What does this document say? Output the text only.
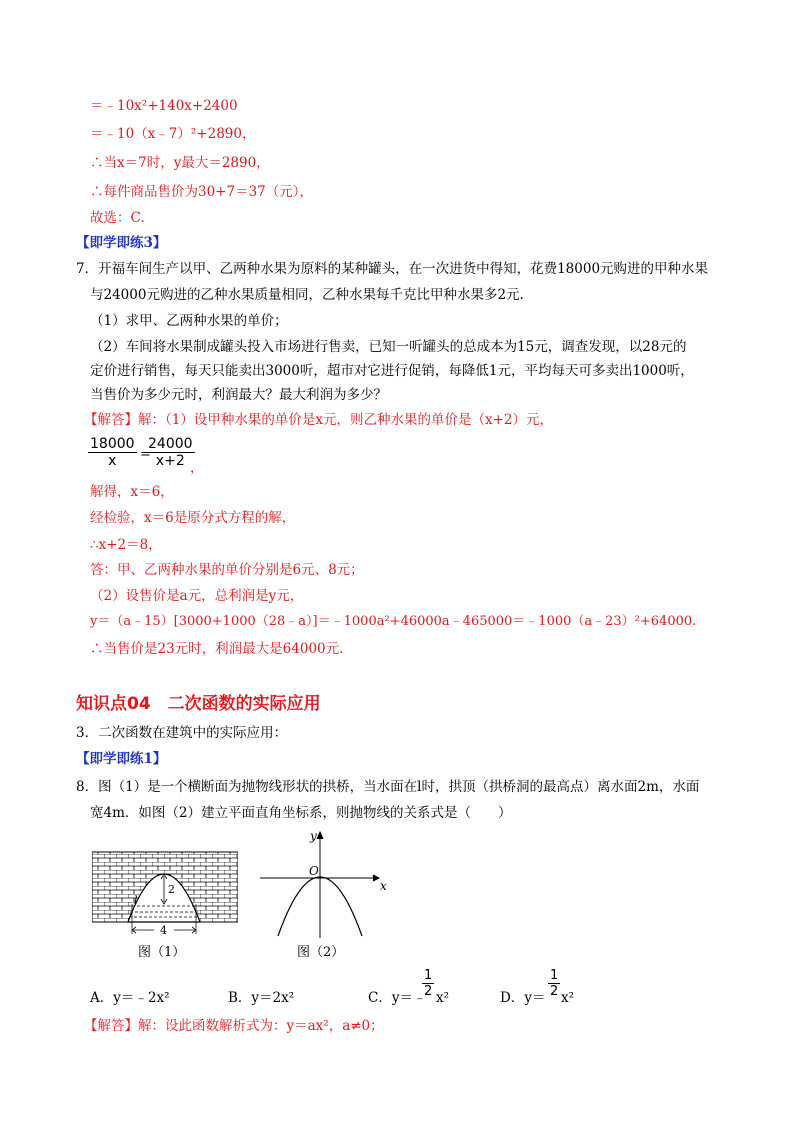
＝﹣10x²+140x+2400
＝﹣10（x﹣7）²+2890，
∴当x＝7时，y最大＝2890，
∴每件商品售价为30+7＝37（元），
故选：C.
【即学即练3】
7．开福车间生产以甲、乙两种水果为原料的某种罐头，在一次进货中得知，花费18000元购进的甲种水果
与24000元购进的乙种水果质量相同，乙种水果每千克比甲种水果多2元.
（1）求甲、乙两种水果的单价；
（2）车间将水果制成罐头投入市场进行售卖，已知一听罐头的总成本为15元，调查发现，以28元的
定价进行销售，每天只能卖出3000听，超市对它进行促销，每降低1元，平均每天可多卖出1000听，
当售价为多少元时，利润最大？最大利润为多少？
【解答】解：（1）设甲种水果的单价是x元，则乙种水果的单价是（x+2）元，
$\frac{18000}{x}$ =
$\frac{24000}{x+2}$
，
解得，x＝6，
经检验，x＝6是原分式方程的解，
∴x+2＝8，
答：甲、乙两种水果的单价分别是6元、8元；
（2）设售价是a元，总利润是y元，
y＝（a﹣15）[3000+1000（28﹣a）]＝﹣1000a²+46000a﹣465000＝﹣1000（a﹣23）²+64000.
∴当售价是23元时，利润最大是64000元.
知识点04　二次函数的实际应用
3．二次函数在建筑中的实际应用：
【即学即练1】
8．图（1）是一个横断面为抛物线形状的拱桥，当水面在l时，拱顶（拱桥洞的最高点）离水面2m，水面
宽4m．如图（2）建立平面直角坐标系，则抛物线的关系式是（　　）
2
4
l
图（1）
x
y
O
图（2）
A．y＝﹣2x²	B．y＝2x²	C．y＝﹣
$\frac{1}{2} x^2$	D．$y= \frac{1}{2} x^2$
【解答】解：设此函数解析式为：y＝ax²，a≠0；
